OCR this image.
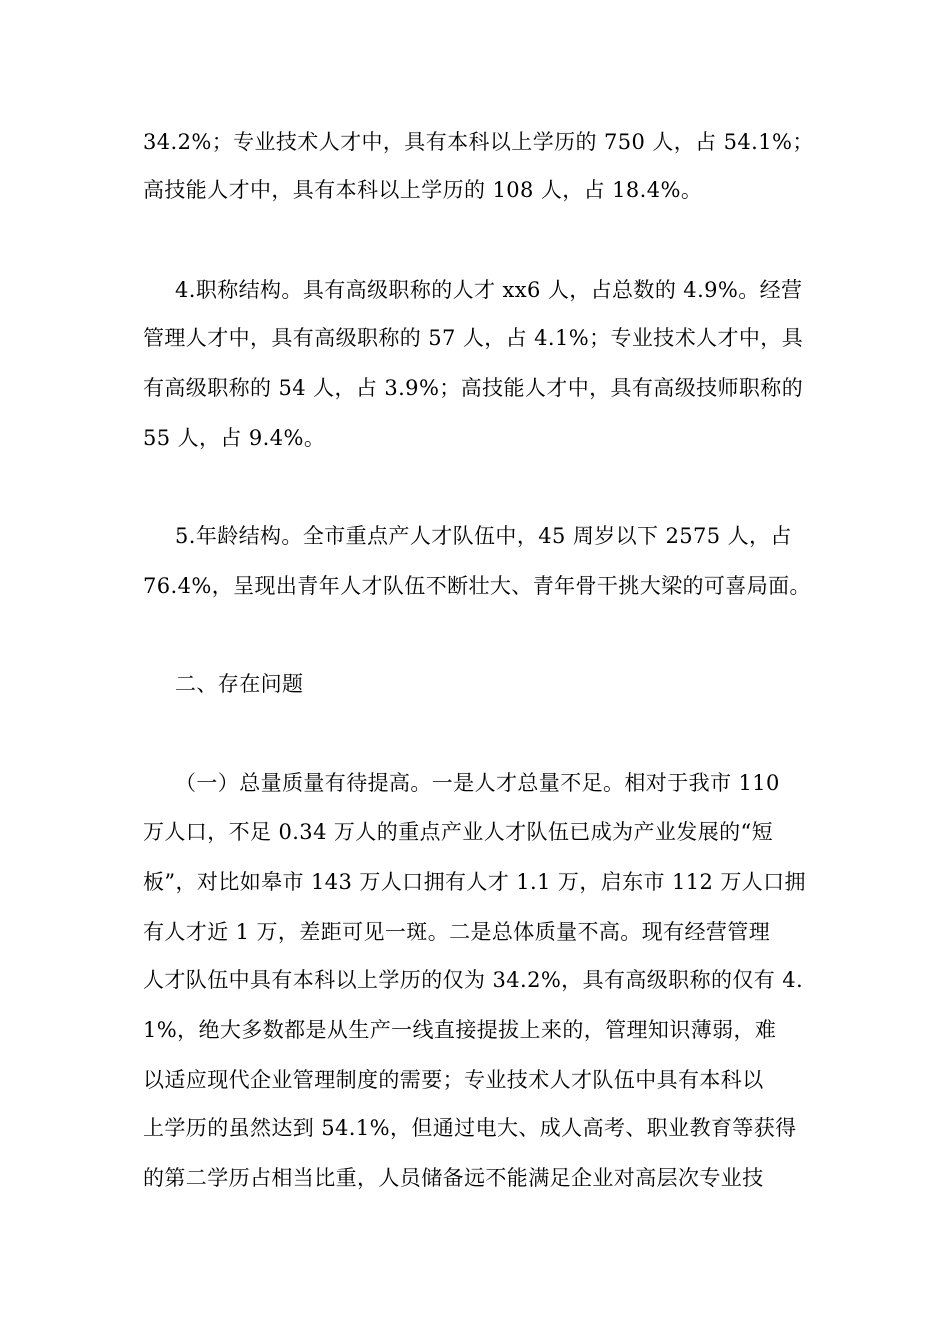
34.2%；专业技术人才中，具有本科以上学历的 750 人，占 54.1%；
高技能人才中，具有本科以上学历的 108 人，占 18.4%。
4.职称结构。具有高级职称的人才 xx6 人，占总数的 4.9%。经营
管理人才中，具有高级职称的 57 人，占 4.1%；专业技术人才中，具
有高级职称的 54 人，占 3.9%；高技能人才中，具有高级技师职称的
55 人，占 9.4%。
5.年龄结构。全市重点产人才队伍中，45 周岁以下 2575 人，占
76.4%，呈现出青年人才队伍不断壮大、青年骨干挑大梁的可喜局面。
二、存在问题
（一）总量质量有待提高。一是人才总量不足。相对于我市 110
万人口，不足 0.34 万人的重点产业人才队伍已成为产业发展的“短
板”，对比如皋市 143 万人口拥有人才 1.1 万，启东市 112 万人口拥
有人才近 1 万，差距可见一斑。二是总体质量不高。现有经营管理
人才队伍中具有本科以上学历的仅为 34.2%，具有高级职称的仅有 4.
1%，绝大多数都是从生产一线直接提拔上来的，管理知识薄弱，难
以适应现代企业管理制度的需要；专业技术人才队伍中具有本科以
上学历的虽然达到 54.1%，但通过电大、成人高考、职业教育等获得
的第二学历占相当比重，人员储备远不能满足企业对高层次专业技
